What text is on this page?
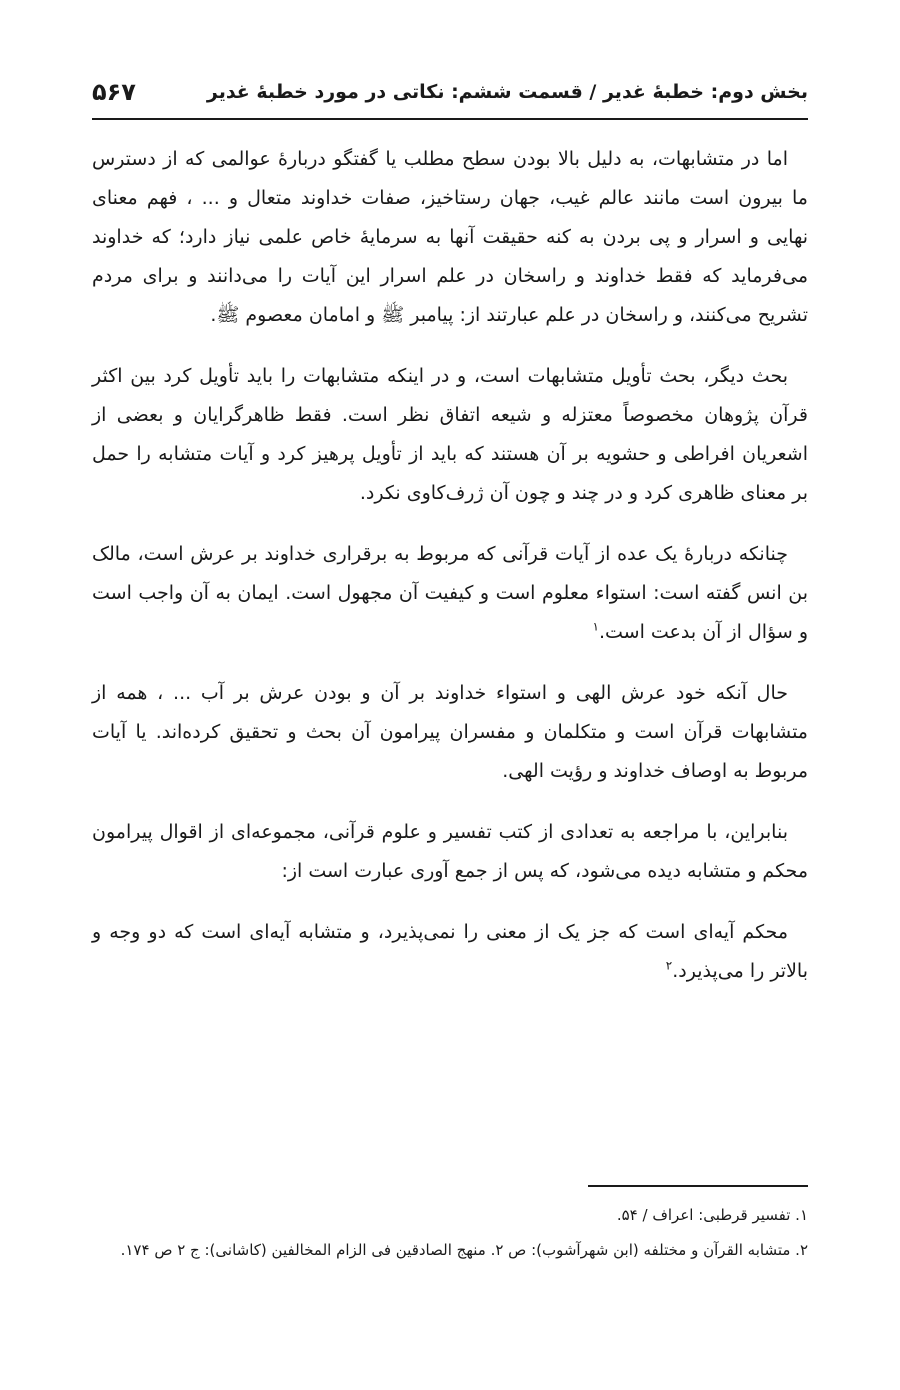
بخش دوم: خطبهٔ غدیر / قسمت ششم: نکاتی در مورد خطبهٔ غدیر
۵۶۷

اما در متشابهات، به دلیل بالا بودن سطح مطلب یا گفتگو دربارهٔ عوالمی که از دسترس ما بیرون است مانند عالم غیب، جهان رستاخیز، صفات خداوند متعال و ... ، فهم معنای نهایی و اسرار و پی بردن به کنه حقیقت آنها به سرمایهٔ خاص علمی نیاز دارد؛ که خداوند می‌فرماید که فقط خداوند و راسخان در علم اسرار این آیات را می‌دانند و برای مردم تشریح می‌کنند، و راسخان در علم عبارتند از: پیامبر ﷺ و امامان معصوم ﷺ.

بحث دیگر، بحث تأویل متشابهات است، و در اینکه متشابهات را باید تأویل کرد بین اکثر قرآن پژوهان مخصوصاً معتزله و شیعه اتفاق نظر است. فقط ظاهرگرایان و بعضی از اشعریان افراطی و حشویه بر آن هستند که باید از تأویل پرهیز کرد و آیات متشابه را حمل بر معنای ظاهری کرد و در چند و چون آن ژرف‌کاوی نکرد.

چنانکه دربارهٔ یک عده از آیات قرآنی که مربوط به برقراری خداوند بر عرش است، مالک بن انس گفته است: استواء معلوم است و کیفیت آن مجهول است. ایمان به آن واجب است و سؤال از آن بدعت است.$^۱$

حال آنکه خود عرش الهی و استواء خداوند بر آن و بودن عرش بر آب ... ، همه از متشابهات قرآن است و متکلمان و مفسران پیرامون آن بحث و تحقیق کرده‌اند. یا آیات مربوط به اوصاف خداوند و رؤیت الهی.

بنابراین، با مراجعه به تعدادی از کتب تفسیر و علوم قرآنی، مجموعه‌ای از اقوال پیرامون محکم و متشابه دیده می‌شود، که پس از جمع آوری عبارت است از:

محکم آیه‌ای است که جز یک از معنی را نمی‌پذیرد، و متشابه آیه‌ای است که دو وجه و بالاتر را می‌پذیرد.$^۲$

۱. تفسیر قرطبی: اعراف / ۵۴.

۲. متشابه القرآن و مختلفه (ابن شهرآشوب): ص ۲. منهج الصادقین فی الزام المخالفین (کاشانی): ج ۲ ص ۱۷۴.
